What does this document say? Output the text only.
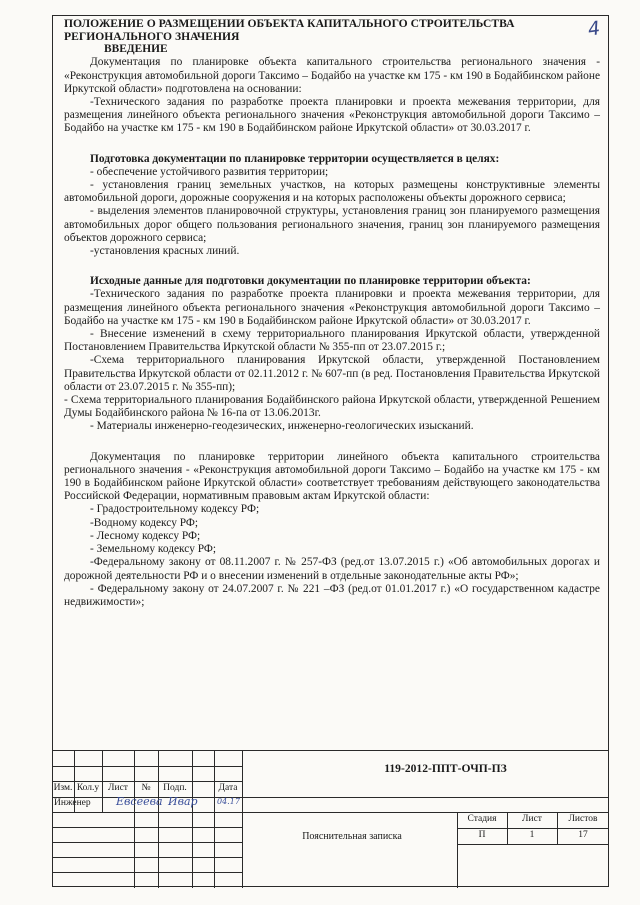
4

ПОЛОЖЕНИЕ О РАЗМЕЩЕНИИ ОБЪЕКТА КАПИТАЛЬНОГО СТРОИТЕЛЬСТВА

РЕГИОНАЛЬНОГО ЗНАЧЕНИЯ

ВВЕДЕНИЕ

Документация по планировке объекта капитального строительства регионального значения - «Реконструкция автомобильной дороги Таксимо – Бодайбо на участке км 175 - км 190 в Бодайбинском районе Иркутской области» подготовлена на основании:

-Технического задания по разработке проекта планировки и проекта межевания территории, для размещения линейного объекта регионального значения «Реконструкция автомобильной дороги Таксимо – Бодайбо на участке км 175 - км 190 в Бодайбинском районе Иркутской области» от 30.03.2017 г.

Подготовка документации по планировке территории осуществляется в целях:

- обеспечение устойчивого развития территории;

- установления границ земельных участков, на которых размещены конструктивные элементы автомобильной дороги, дорожные сооружения и на которых расположены объекты дорожного сервиса;

- выделения элементов планировочной структуры, установления границ зон планируемого размещения автомобильных дорог общего пользования регионального значения, границ зон планируемого размещения объектов дорожного сервиса;

-установления красных линий.

Исходные данные для подготовки документации по планировке территории объекта:

-Технического задания по разработке проекта планировки и проекта межевания территории, для размещения линейного объекта регионального значения «Реконструкция автомобильной дороги Таксимо – Бодайбо на участке км 175 - км 190 в Бодайбинском районе Иркутской области» от 30.03.2017 г.

- Внесение изменений в схему территориального планирования Иркутской области, утвержденной Постановлением Правительства Иркутской области № 355-пп от 23.07.2015 г.;

-Схема территориального планирования Иркутской области, утвержденной Постановлением Правительства Иркутской области от 02.11.2012 г. № 607-пп (в ред. Постановления Правительства Иркутской области от 23.07.2015 г. № 355-пп);

- Схема территориального планирования Бодайбинского района Иркутской области, утвержденной Решением Думы Бодайбинского района № 16-па от 13.06.2013г.

- Материалы инженерно-геодезических, инженерно-геологических изысканий.

Документация по планировке территории линейного объекта капитального строительства регионального значения - «Реконструкция автомобильной дороги Таксимо – Бодайбо на участке км 175 - км 190 в Бодайбинском районе Иркутской области» соответствует требованиям действующего законодательства Российской Федерации, нормативным правовым актам Иркутской области:

- Градостроительному кодексу РФ;

-Водному кодексу РФ;

- Лесному кодексу РФ;

- Земельному кодексу РФ;

-Федеральному закону от 08.11.2007 г. № 257-ФЗ (ред.от 13.07.2015 г.) «Об автомобильных дорогах и дорожной деятельности РФ и о внесении изменений в отдельные законодательные акты РФ»;

- Федеральному закону от 24.07.2007 г. № 221 –ФЗ (ред.от 01.01.2017 г.) «О государственном кадастре недвижимости»;

119-2012-ППТ-ОЧП-ПЗ
Изм. Кол.у Лист	№	Подп.	Дата
Инженер Евсеева Ивар 04.17
Стадия	Лист	Листов
П	1	17
Пояснительная записка
